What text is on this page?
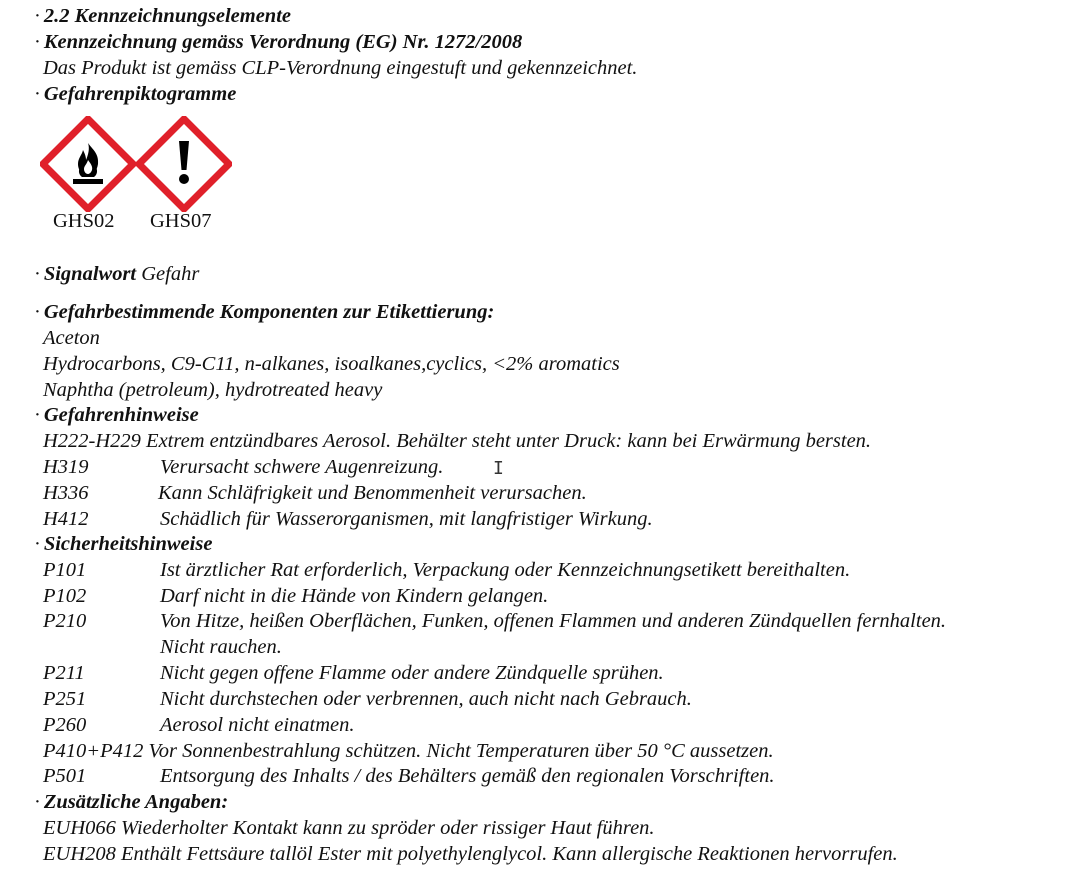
· 2.2 Kennzeichnungselemente
· Kennzeichnung gemäss Verordnung (EG) Nr. 1272/2008
Das Produkt ist gemäss CLP-Verordnung eingestuft und gekennzeichnet.
· Gefahrenpiktogramme
GHS02 GHS07
· Signalwort Gefahr
· Gefahrbestimmende Komponenten zur Etikettierung:
Aceton
Hydrocarbons, C9-C11, n-alkanes, isoalkanes,cyclics, <2% aromatics
Naphtha (petroleum), hydrotreated heavy
· Gefahrenhinweise
H222-H229 Extrem entzündbares Aerosol. Behälter steht unter Druck: kann bei Erwärmung bersten.
H319	Verursacht schwere Augenreizung.	I
H336	Kann Schläfrigkeit und Benommenheit verursachen.
H412	Schädlich für Wasserorganismen, mit langfristiger Wirkung.
· Sicherheitshinweise
P101	Ist ärztlicher Rat erforderlich, Verpackung oder Kennzeichnungsetikett bereithalten.
P102	Darf nicht in die Hände von Kindern gelangen.
P210	Von Hitze, heißen Oberflächen, Funken, offenen Flammen und anderen Zündquellen fernhalten.
Nicht rauchen.
P211	Nicht gegen offene Flamme oder andere Zündquelle sprühen.
P251	Nicht durchstechen oder verbrennen, auch nicht nach Gebrauch.
P260	Aerosol nicht einatmen.
P410+P412 Vor Sonnenbestrahlung schützen. Nicht Temperaturen über 50 °C aussetzen.
P501	Entsorgung des Inhalts / des Behälters gemäß den regionalen Vorschriften.
· Zusätzliche Angaben:
EUH066 Wiederholter Kontakt kann zu spröder oder rissiger Haut führen.
EUH208 Enthält Fettsäure tallöl Ester mit polyethylenglycol. Kann allergische Reaktionen hervorrufen.
